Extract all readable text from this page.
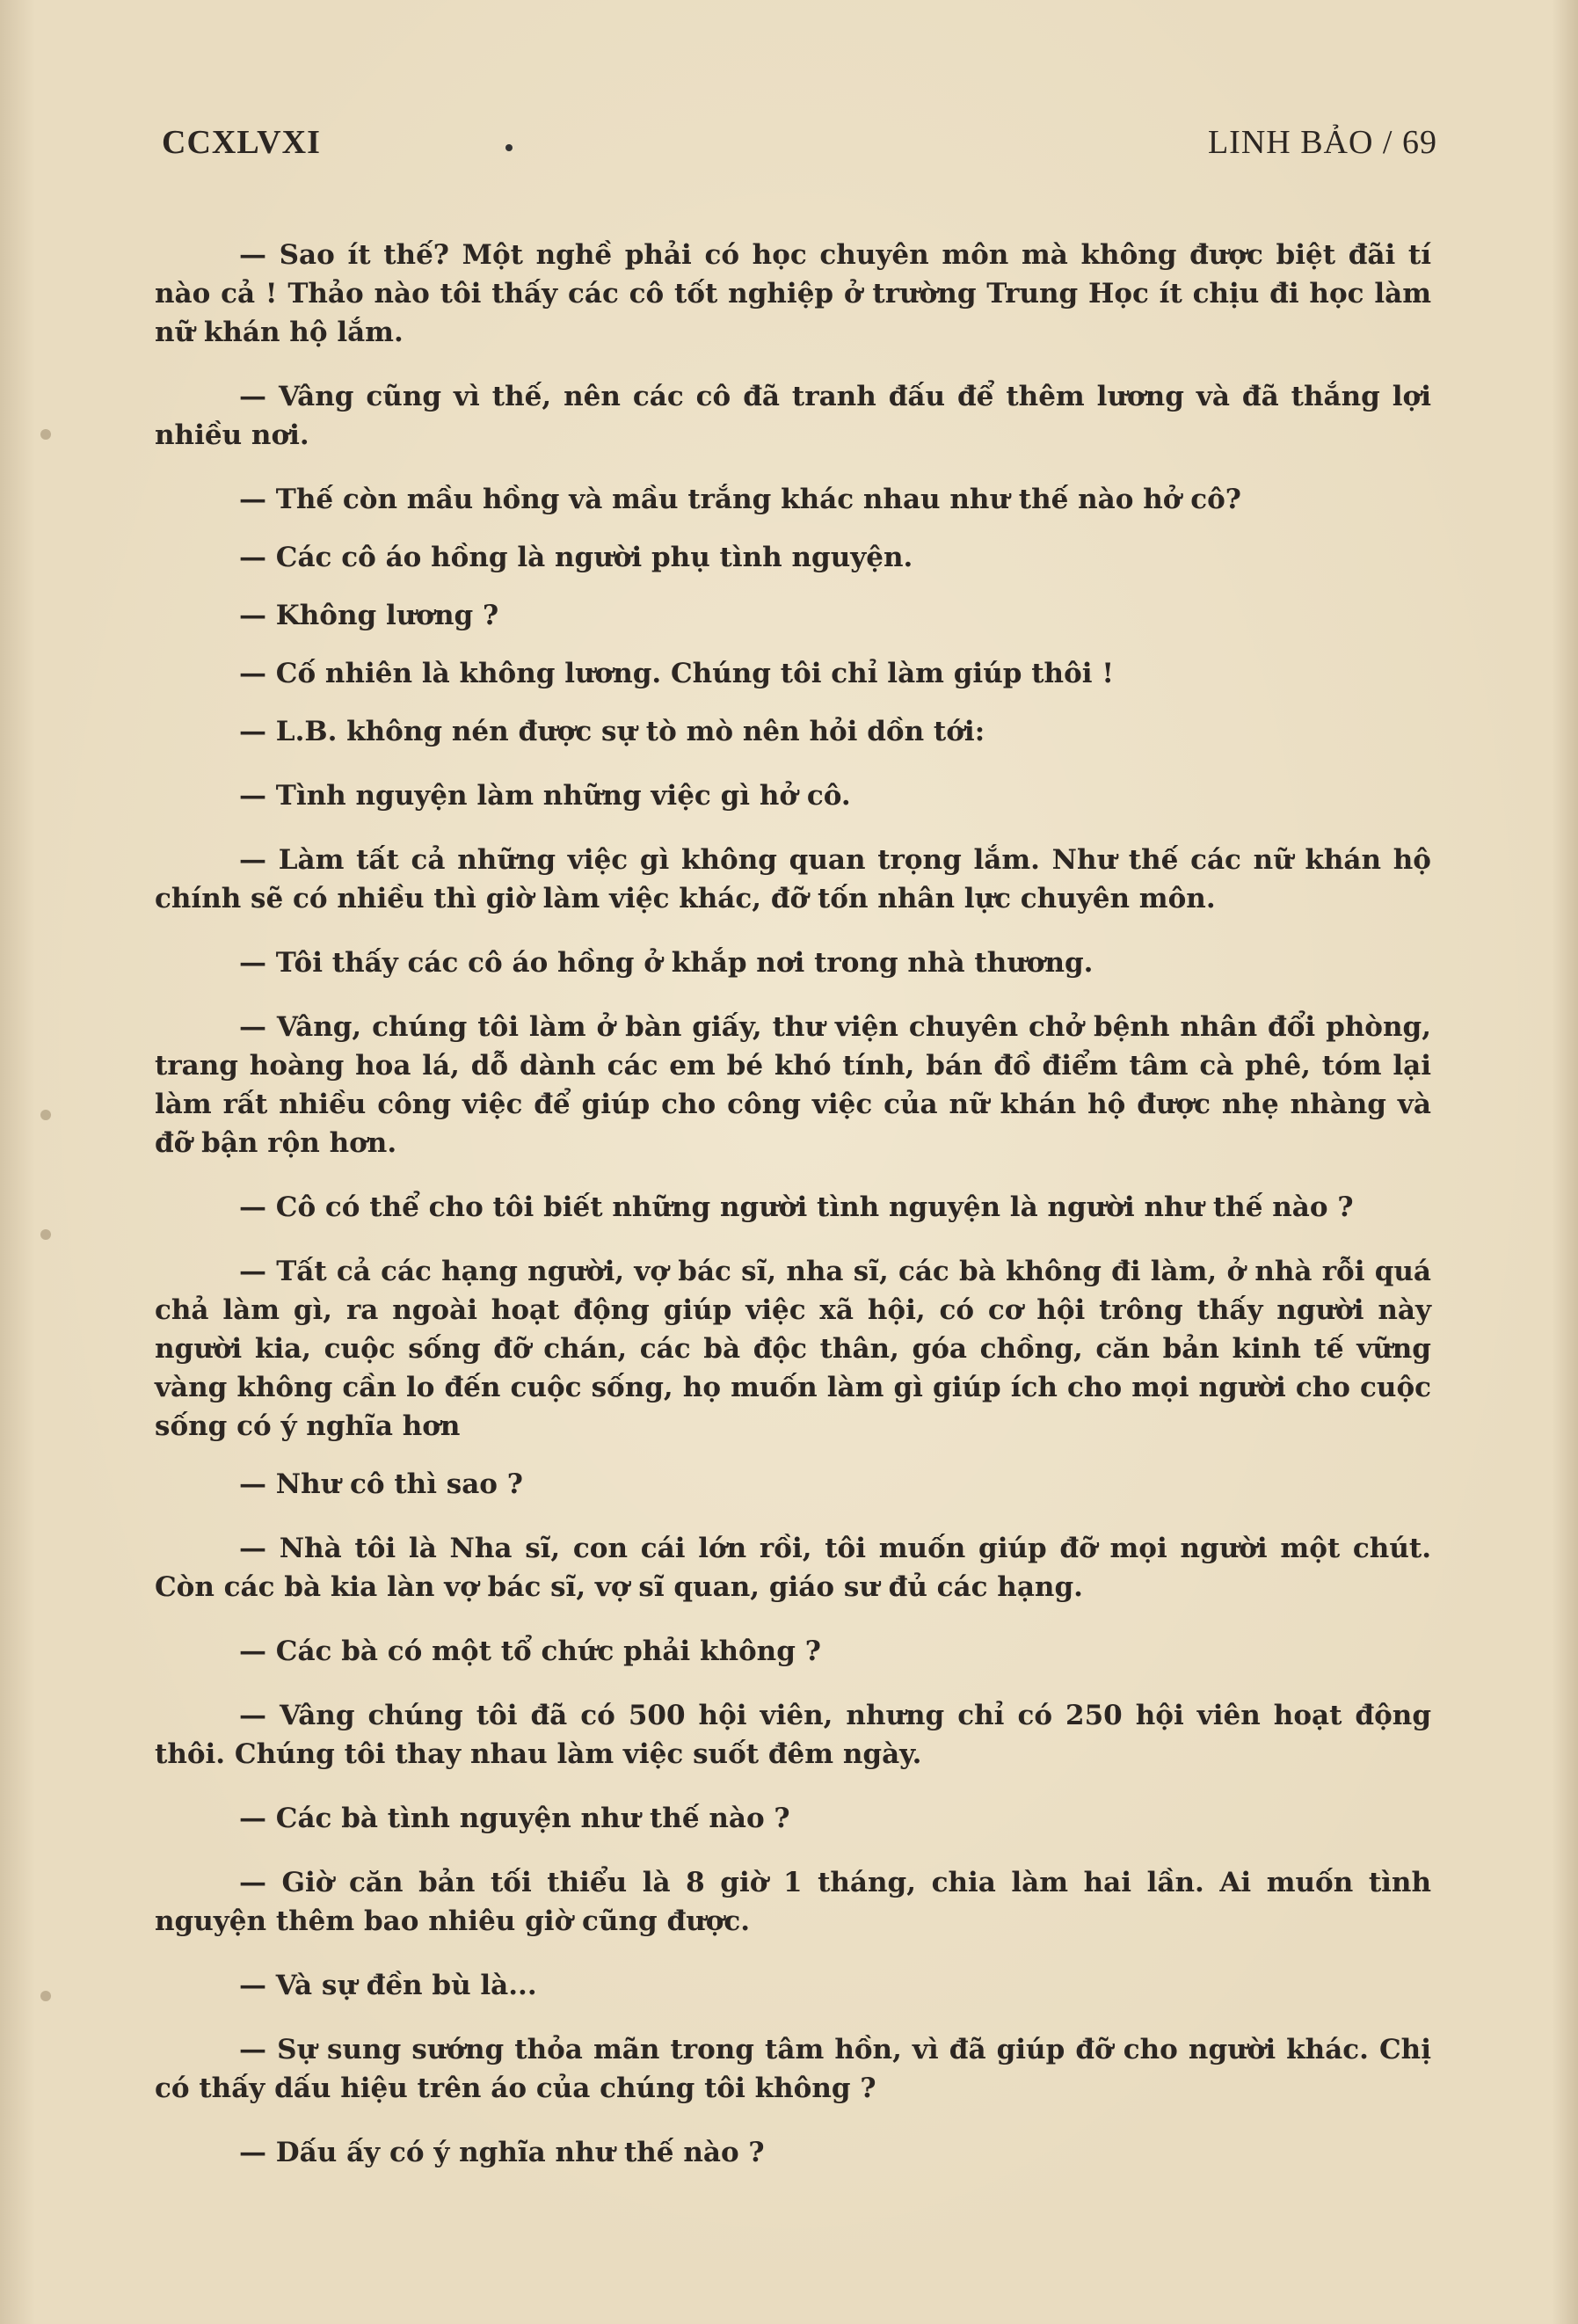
CCXLVXI	LINH BẢO / 69

— Sao ít thế? Một nghề phải có học chuyên môn mà không được biệt đãi tí nào cả ! Thảo nào tôi thấy các cô tốt nghiệp ở trường Trung Học ít chịu đi học làm nữ khán hộ lắm.

— Vâng cũng vì thế, nên các cô đã tranh đấu để thêm lương và đã thắng lợi nhiều nơi.

— Thế còn mầu hồng và mầu trắng khác nhau như thế nào hở cô?

— Các cô áo hồng là người phụ tình nguyện.

— Không lương ?

— Cố nhiên là không lương. Chúng tôi chỉ làm giúp thôi !

— L.B. không nén được sự tò mò nên hỏi dồn tới:

— Tình nguyện làm những việc gì hở cô.

— Làm tất cả những việc gì không quan trọng lắm. Như thế các nữ khán hộ chính sẽ có nhiều thì giờ làm việc khác, đỡ tốn nhân lực chuyên môn.

— Tôi thấy các cô áo hồng ở khắp nơi trong nhà thương.

— Vâng, chúng tôi làm ở bàn giấy, thư viện chuyên chở bệnh nhân đổi phòng, trang hoàng hoa lá, dỗ dành các em bé khó tính, bán đồ điểm tâm cà phê, tóm lại làm rất nhiều công việc để giúp cho công việc của nữ khán hộ được nhẹ nhàng và đỡ bận rộn hơn.

— Cô có thể cho tôi biết những người tình nguyện là người như thế nào ?

— Tất cả các hạng người, vợ bác sĩ, nha sĩ, các bà không đi làm, ở nhà rỗi quá chả làm gì, ra ngoài hoạt động giúp việc xã hội, có cơ hội trông thấy người này người kia, cuộc sống đỡ chán, các bà độc thân, góa chồng, căn bản kinh tế vững vàng không cần lo đến cuộc sống, họ muốn làm gì giúp ích cho mọi người cho cuộc sống có ý nghĩa hơn

— Như cô thì sao ?

— Nhà tôi là Nha sĩ, con cái lớn rồi, tôi muốn giúp đỡ mọi người một chút. Còn các bà kia làn vợ bác sĩ, vợ sĩ quan, giáo sư đủ các hạng.

— Các bà có một tổ chức phải không ?

— Vâng chúng tôi đã có 500 hội viên, nhưng chỉ có 250 hội viên hoạt động thôi. Chúng tôi thay nhau làm việc suốt đêm ngày.

— Các bà tình nguyện như thế nào ?

— Giờ căn bản tối thiểu là 8 giờ 1 tháng, chia làm hai lần. Ai muốn tình nguyện thêm bao nhiêu giờ cũng được.

— Và sự đền bù là...

— Sự sung sướng thỏa mãn trong tâm hồn, vì đã giúp đỡ cho người khác. Chị có thấy dấu hiệu trên áo của chúng tôi không ?

— Dấu ấy có ý nghĩa như thế nào ?
